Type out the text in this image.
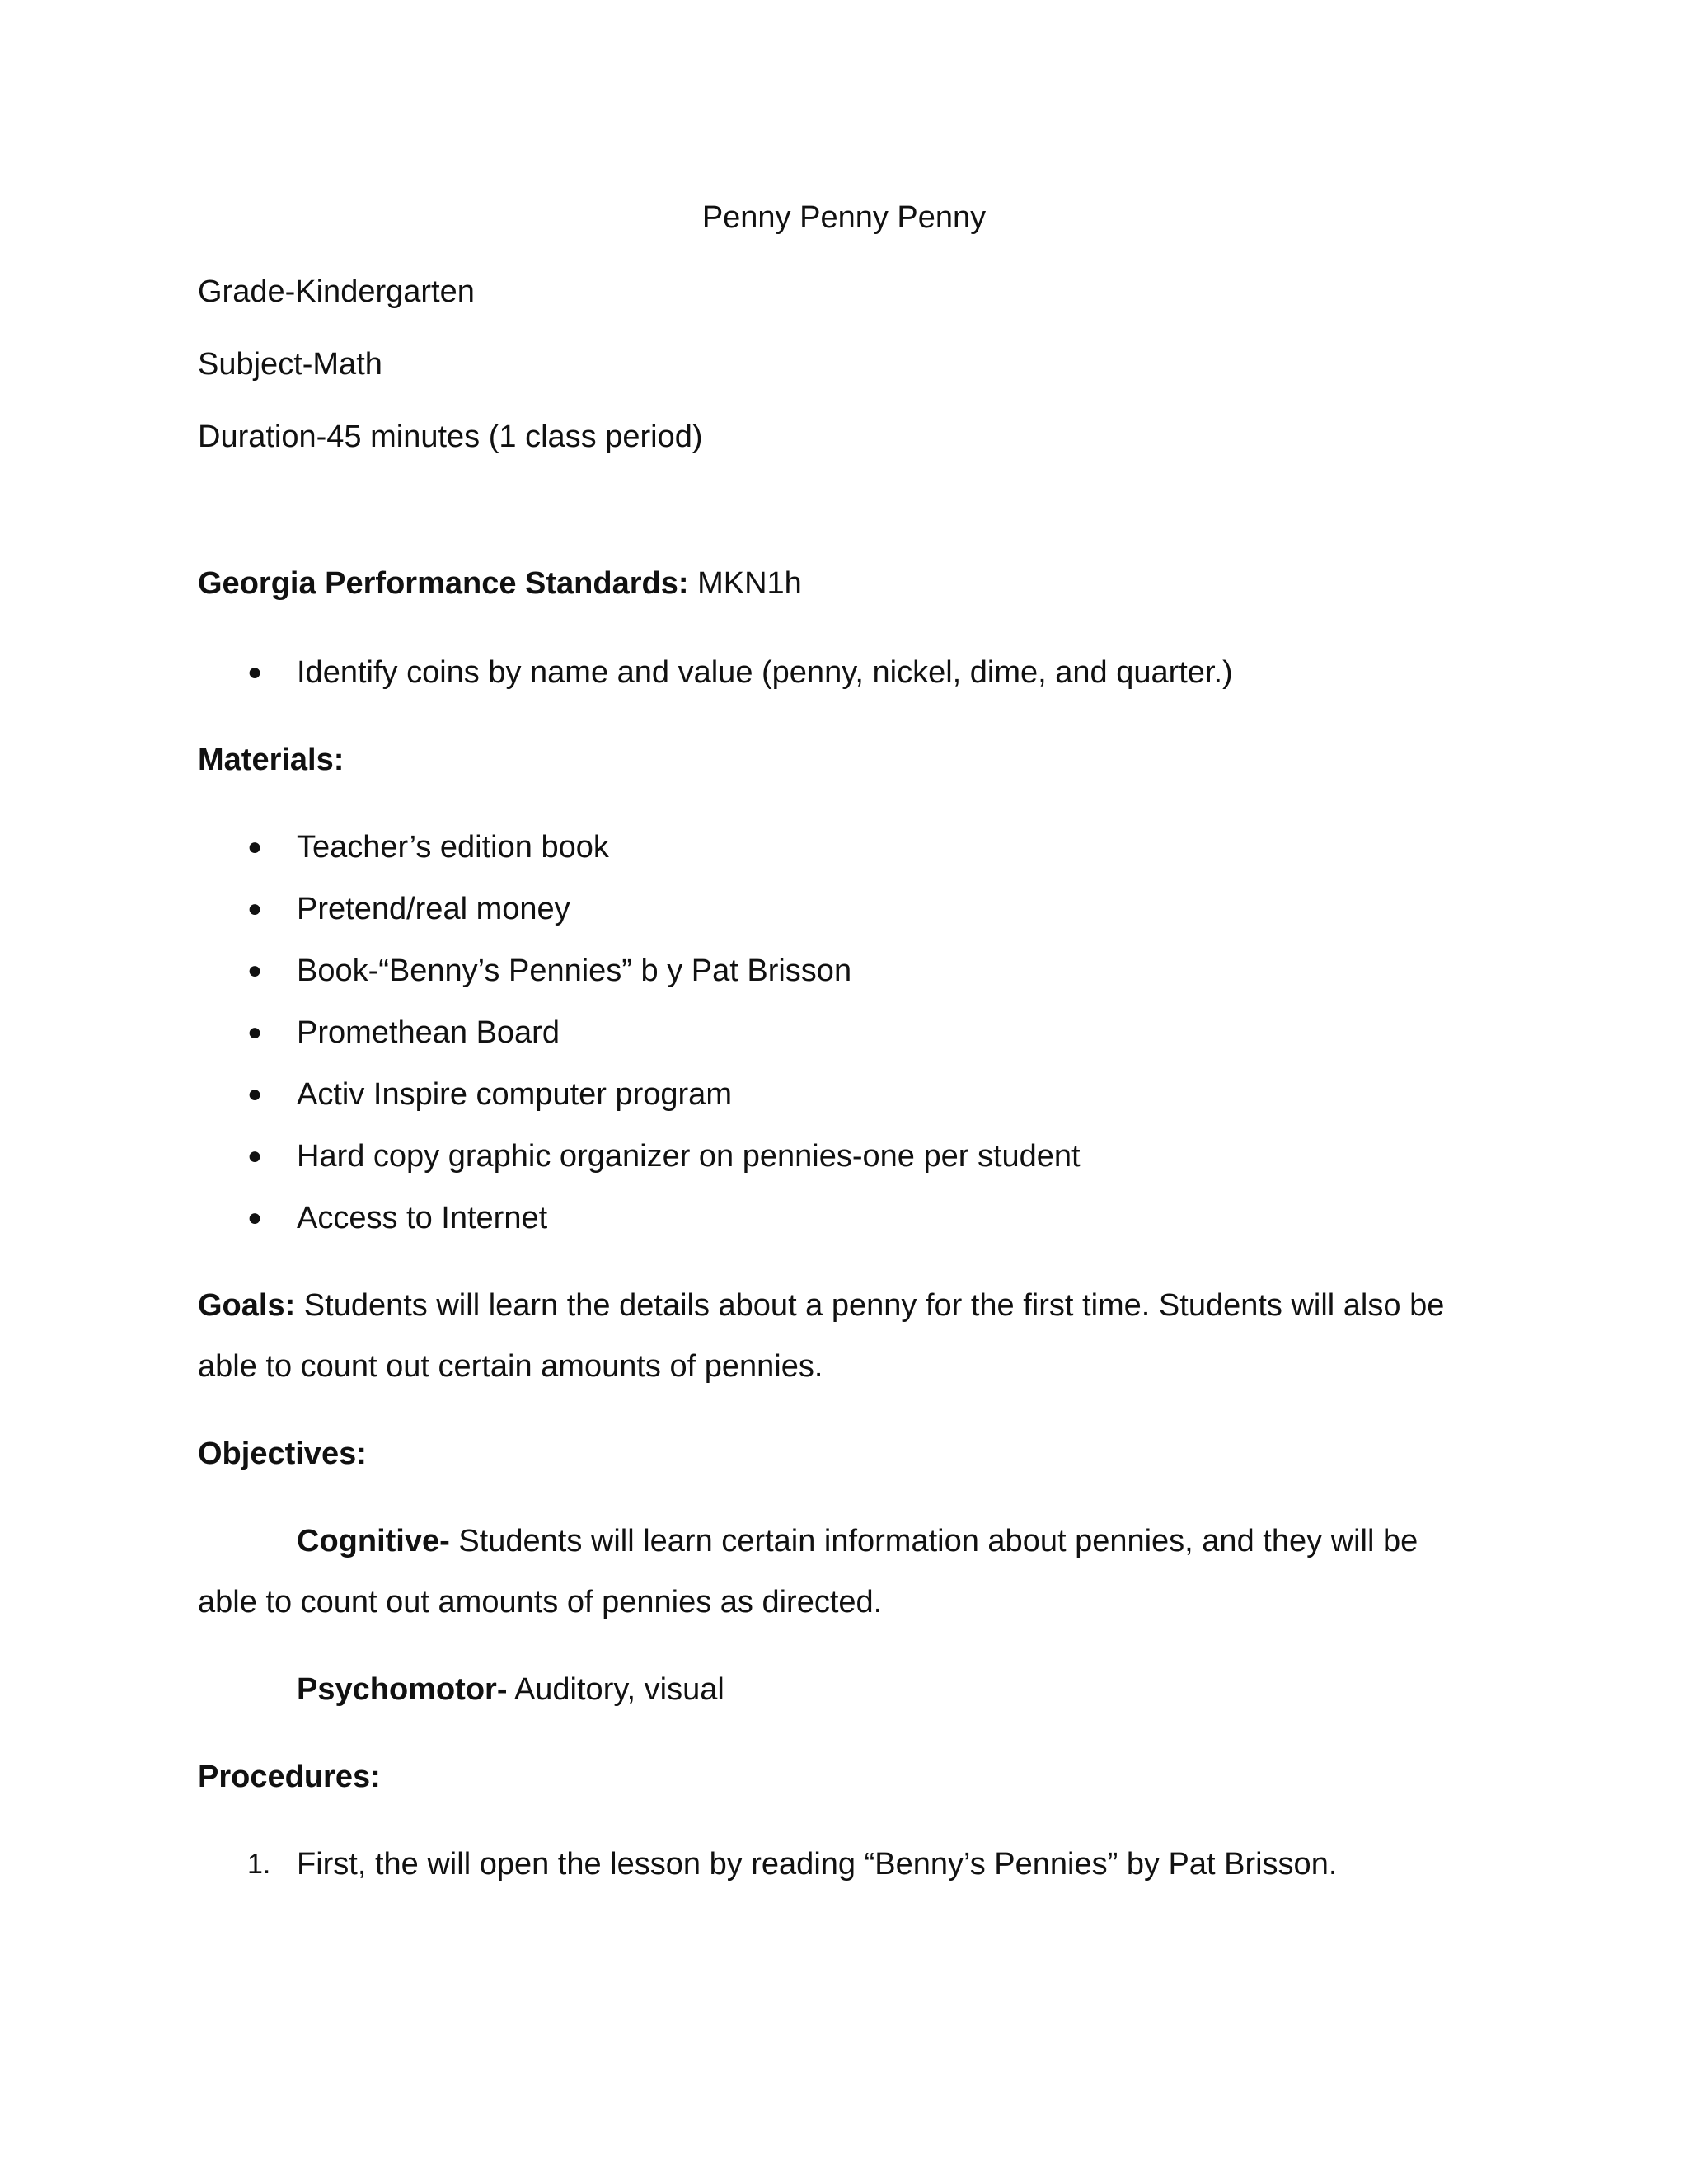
Penny Penny Penny
Grade-Kindergarten
Subject-Math
Duration-45 minutes (1 class period)
Georgia Performance Standards: MKN1h
● Identify coins by name and value (penny, nickel, dime, and quarter.)
Materials:
● Teacher’s edition book
● Pretend/real money
● Book-“Benny’s Pennies” b y Pat Brisson
● Promethean Board
● Activ Inspire computer program
● Hard copy graphic organizer on pennies-one per student
● Access to Internet
Goals: Students will learn the details about a penny for the first time. Students will also be
able to count out certain amounts of pennies.
Objectives:
Cognitive- Students will learn certain information about pennies, and they will be
able to count out amounts of pennies as directed.
Psychomotor- Auditory, visual
Procedures:
1. First, the will open the lesson by reading “Benny’s Pennies” by Pat Brisson.
